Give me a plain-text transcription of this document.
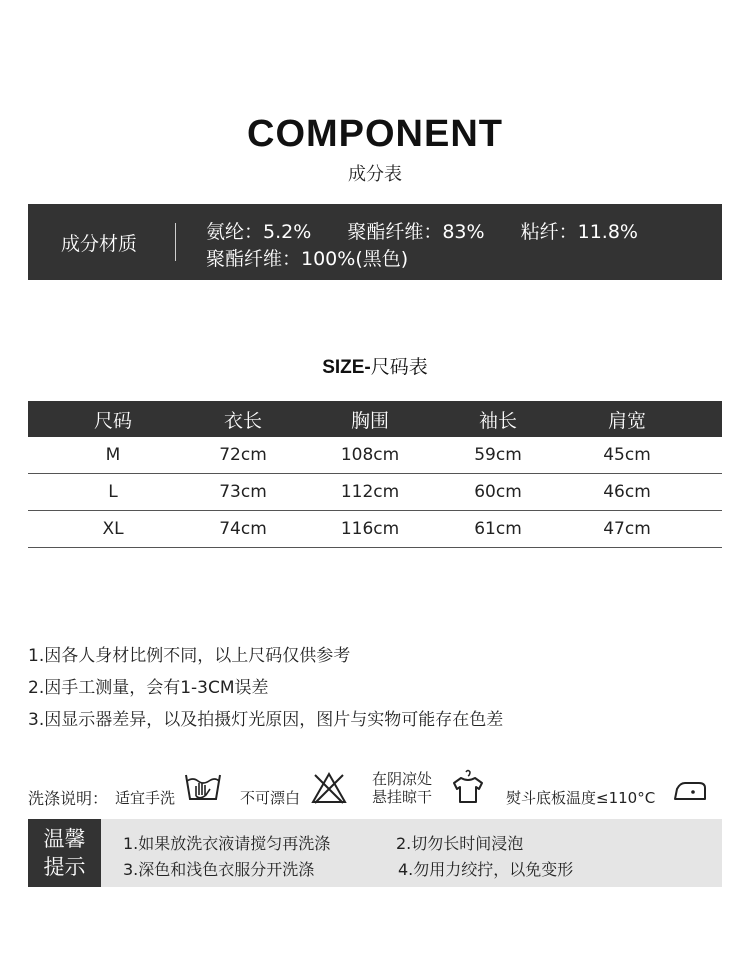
COMPONENT
成分表
成分材质
氨纶：5.2% 聚酯纤维：83% 粘纤：11.8%
聚酯纤维：100%(黑色)
SIZE-尺码表
尺码	衣长	胸围	袖长	肩宽
M	72cm	108cm	59cm	45cm
L	73cm	112cm	60cm	46cm
XL	74cm	116cm	61cm	47cm
1.因各人身材比例不同，以上尺码仅供参考
2.因手工测量，会有1-3CM误差
3.因显示器差异，以及拍摄灯光原因，图片与实物可能存在色差
洗涤说明： 适宜手洗	不可漂白
在阴凉处
悬挂晾干	熨斗底板温度≤110°C
温馨
提示
1.如果放洗衣液请搅匀再洗涤	2.切勿长时间浸泡
3.深色和浅色衣服分开洗涤	4.勿用力绞拧，以免变形
